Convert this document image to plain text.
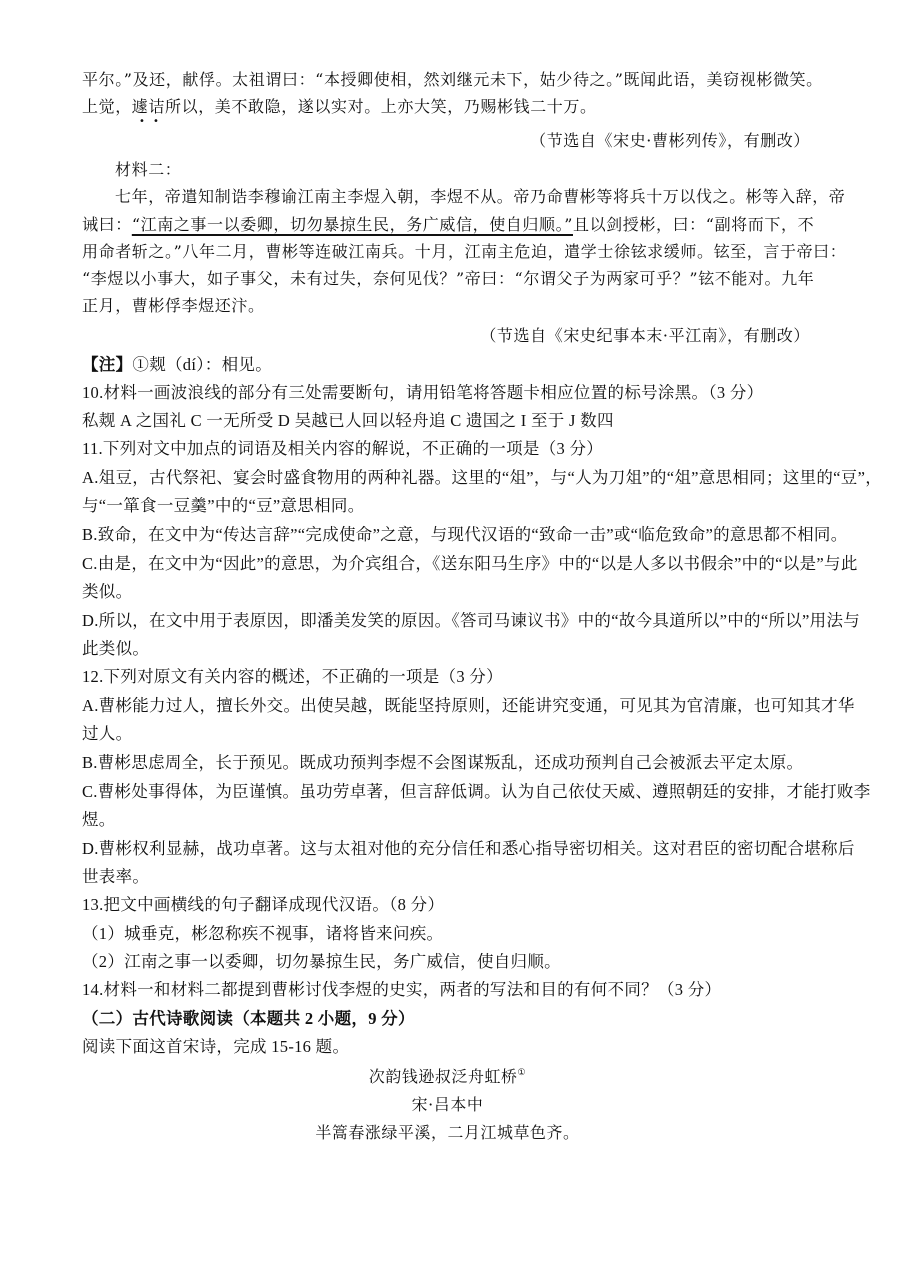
平尔。”及还，献俘。太祖谓曰：“本授卿使相，然刘继元未下，姑少待之。”既闻此语，美窃视彬微笑。
上觉，遽诘所以，美不敢隐，遂以实对。上亦大笑，乃赐彬钱二十万。
• •
（节选自《宋史·曹彬列传》，有删改）
材料二：
七年，帝遣知制诰李穆谕江南主李煜入朝，李煜不从。帝乃命曹彬等将兵十万以伐之。彬等入辞，帝
诫曰：“江南之事一以委卿，切勿暴掠生民，务广威信，使自归顺。”且以剑授彬，曰：“副将而下，不
用命者斩之。”八年二月，曹彬等连破江南兵。十月，江南主危迫，遣学士徐铉求缓师。铉至，言于帝曰：
“李煜以小事大，如子事父，未有过失，奈何见伐？”帝曰：“尔谓父子为两家可乎？”铉不能对。九年
正月，曹彬俘李煜还汴。
（节选自《宋史纪事本末·平江南》，有删改）
【注】①觌（dí）：相见。
10.材料一画波浪线的部分有三处需要断句，请用铅笔将答题卡相应位置的标号涂黑。（3 分）
私觌 A 之国礼 C 一无所受 D 吴越已人回以轻舟追 C 遗国之 I 至于 J 数四
11.下列对文中加点的词语及相关内容的解说，不正确的一项是（3 分）
A.俎豆，古代祭祀、宴会时盛食物用的两种礼器。这里的“俎”，与“人为刀俎”的“俎”意思相同；这里的“豆”，
与“一箪食一豆羹”中的“豆”意思相同。
B.致命，在文中为“传达言辞”“完成使命”之意，与现代汉语的“致命一击”或“临危致命”的意思都不相同。
C.由是，在文中为“因此”的意思，为介宾组合，《送东阳马生序》中的“以是人多以书假余”中的“以是”与此
类似。
D.所以，在文中用于表原因，即潘美发笑的原因。《答司马谏议书》中的“故今具道所以”中的“所以”用法与
此类似。
12.下列对原文有关内容的概述，不正确的一项是（3 分）
A.曹彬能力过人，擅长外交。出使吴越，既能坚持原则，还能讲究变通，可见其为官清廉，也可知其才华
过人。
B.曹彬思虑周全，长于预见。既成功预判李煜不会图谋叛乱，还成功预判自己会被派去平定太原。
C.曹彬处事得体，为臣谨慎。虽功劳卓著，但言辞低调。认为自己依仗天威、遵照朝廷的安排，才能打败李
煜。
D.曹彬权利显赫，战功卓著。这与太祖对他的充分信任和悉心指导密切相关。这对君臣的密切配合堪称后
世表率。
13.把文中画横线的句子翻译成现代汉语。（8 分）
（1）城垂克，彬忽称疾不视事，诸将皆来问疾。
（2）江南之事一以委卿，切勿暴掠生民，务广威信，使自归顺。
14.材料一和材料二都提到曹彬讨伐李煜的史实，两者的写法和目的有何不同？（3 分）
（二）古代诗歌阅读（本题共 2 小题，9 分）
阅读下面这首宋诗，完成 15-16 题。
次韵钱逊叔泛舟虹桥①
宋·吕本中
半篙春涨绿平溪，二月江城草色齐。
